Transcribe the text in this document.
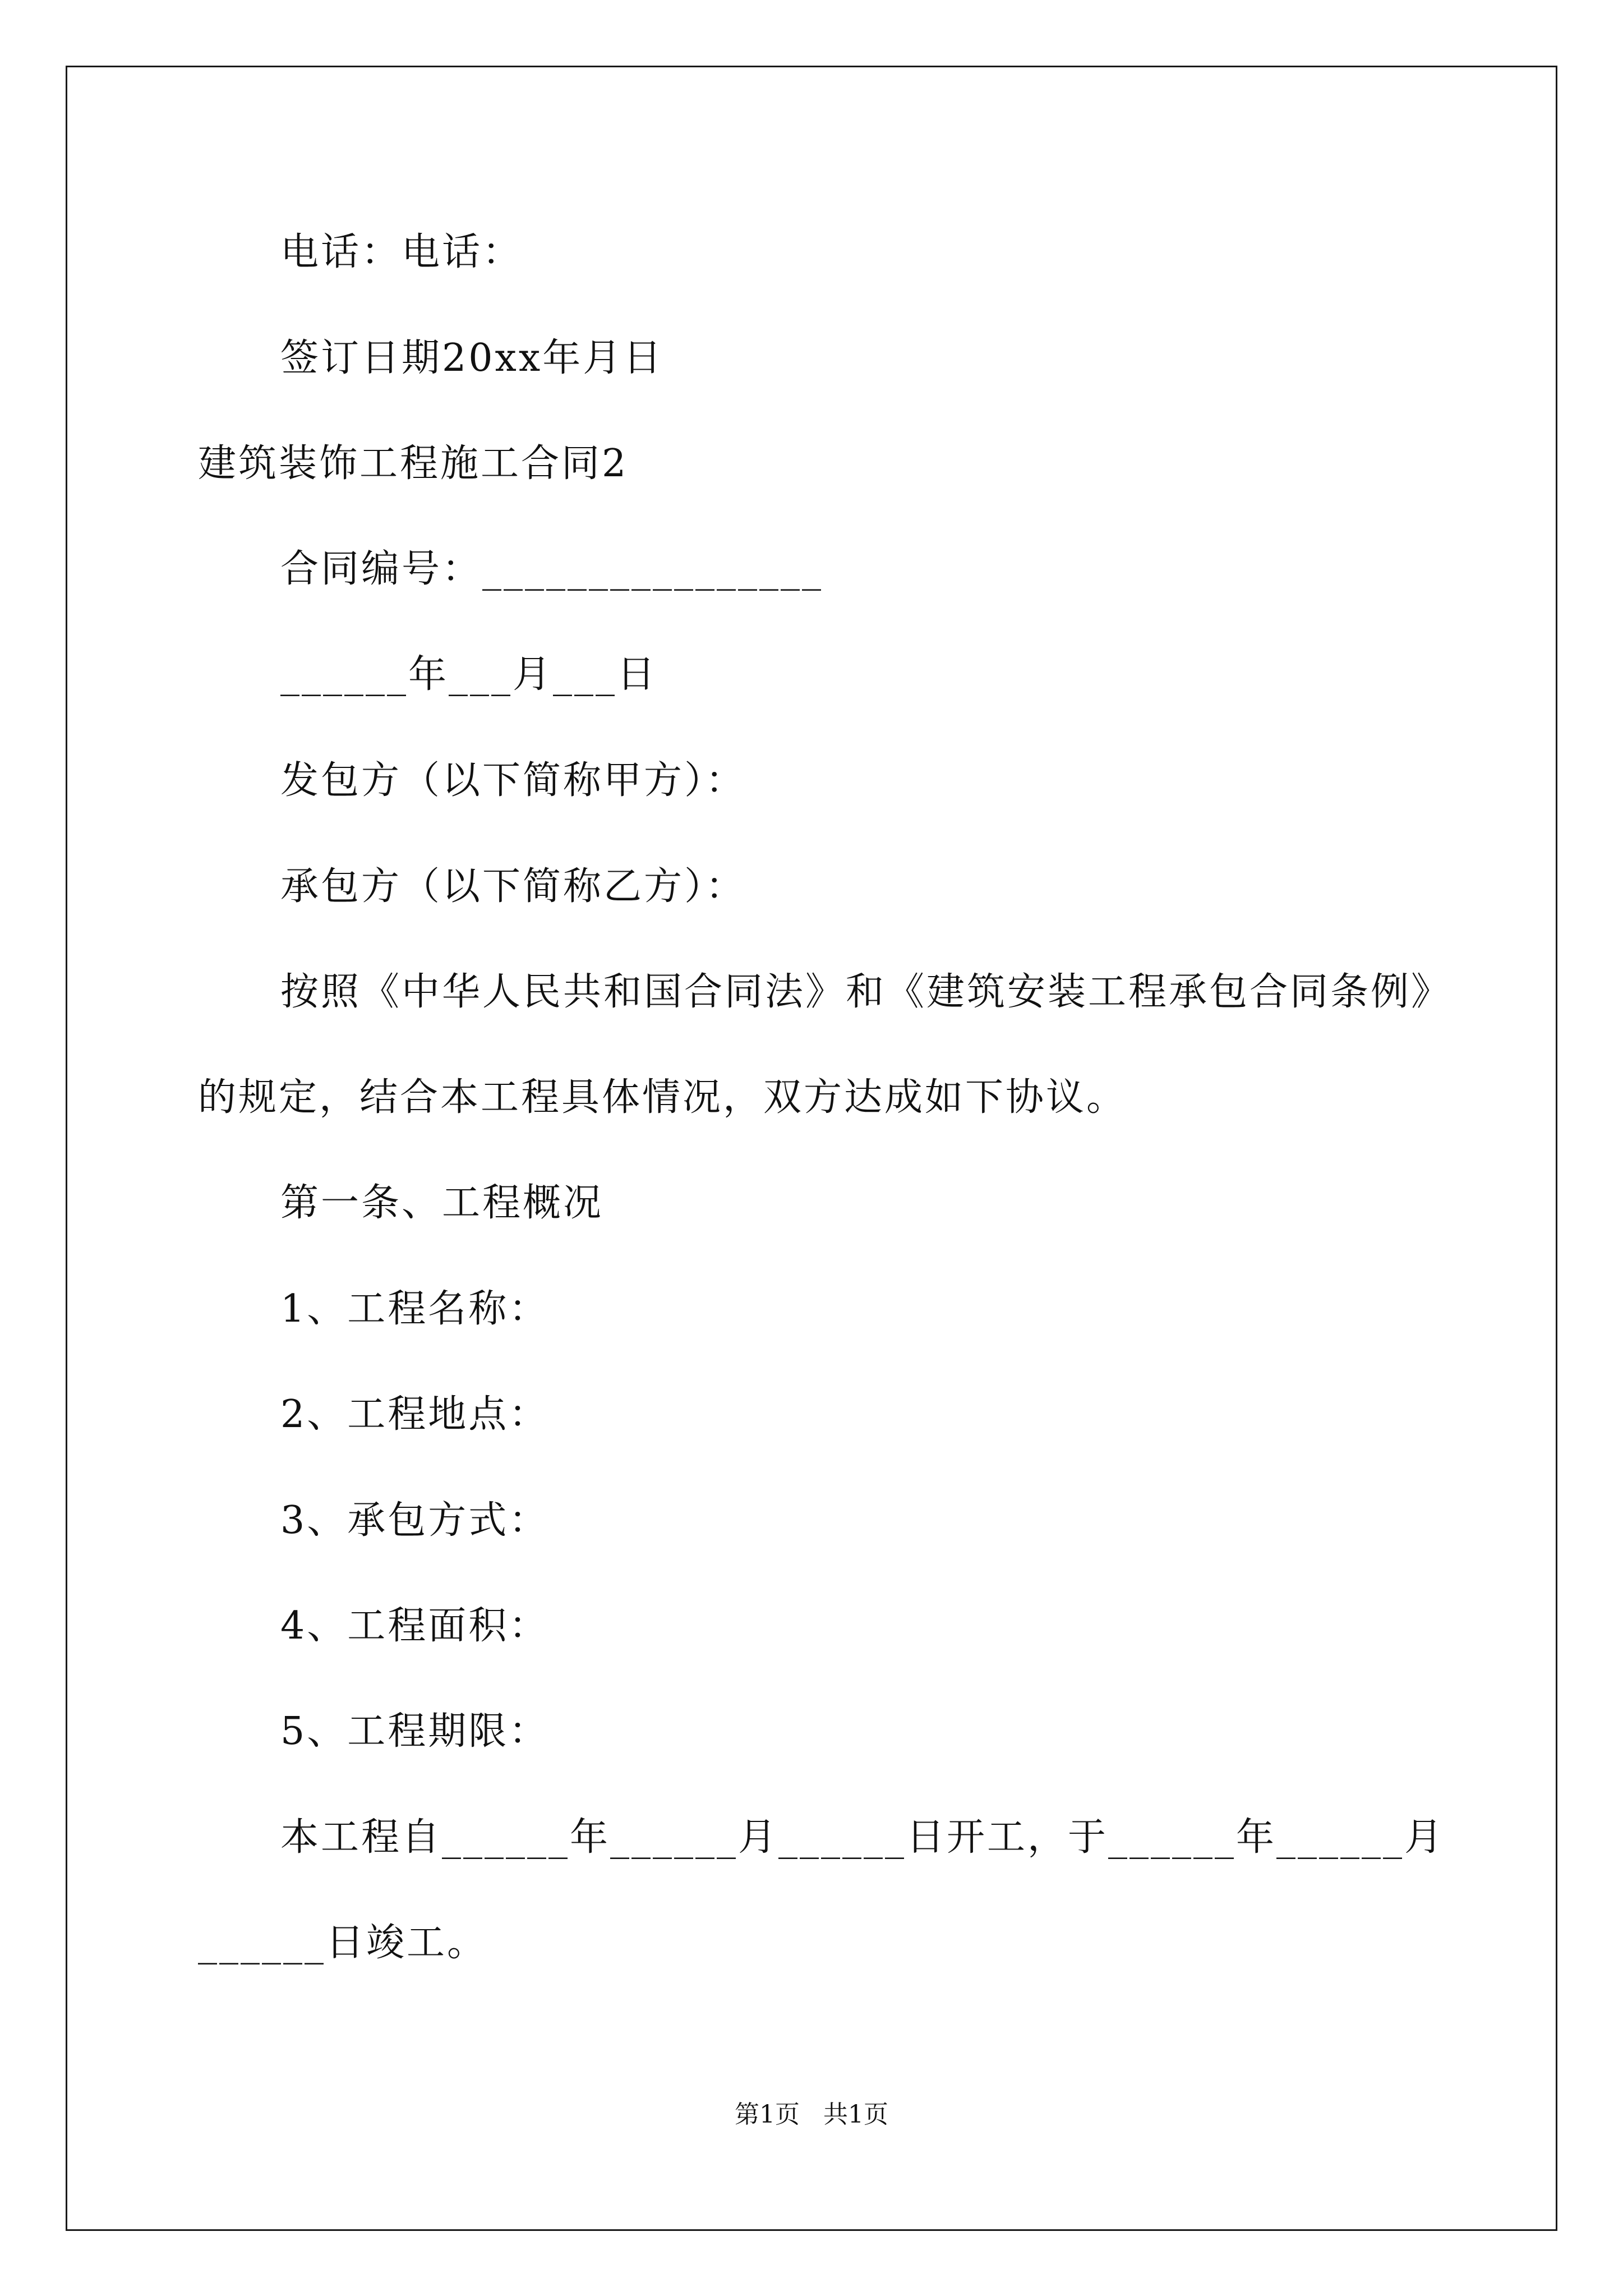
电话：电话：
签订日期20xx年月日
建筑装饰工程施工合同2
合同编号：________________
______年___月___日
发包方（以下简称甲方）：
承包方（以下简称乙方）：
按照《中华人民共和国合同法》和《建筑安装工程承包合同条例》
的规定，结合本工程具体情况，双方达成如下协议。
第一条、工程概况
1、工程名称：
2、工程地点：
3、承包方式：
4、工程面积：
5、工程期限：
本工程自______年______月______日开工，于______年______月
______日竣工。
第1页   共1页
